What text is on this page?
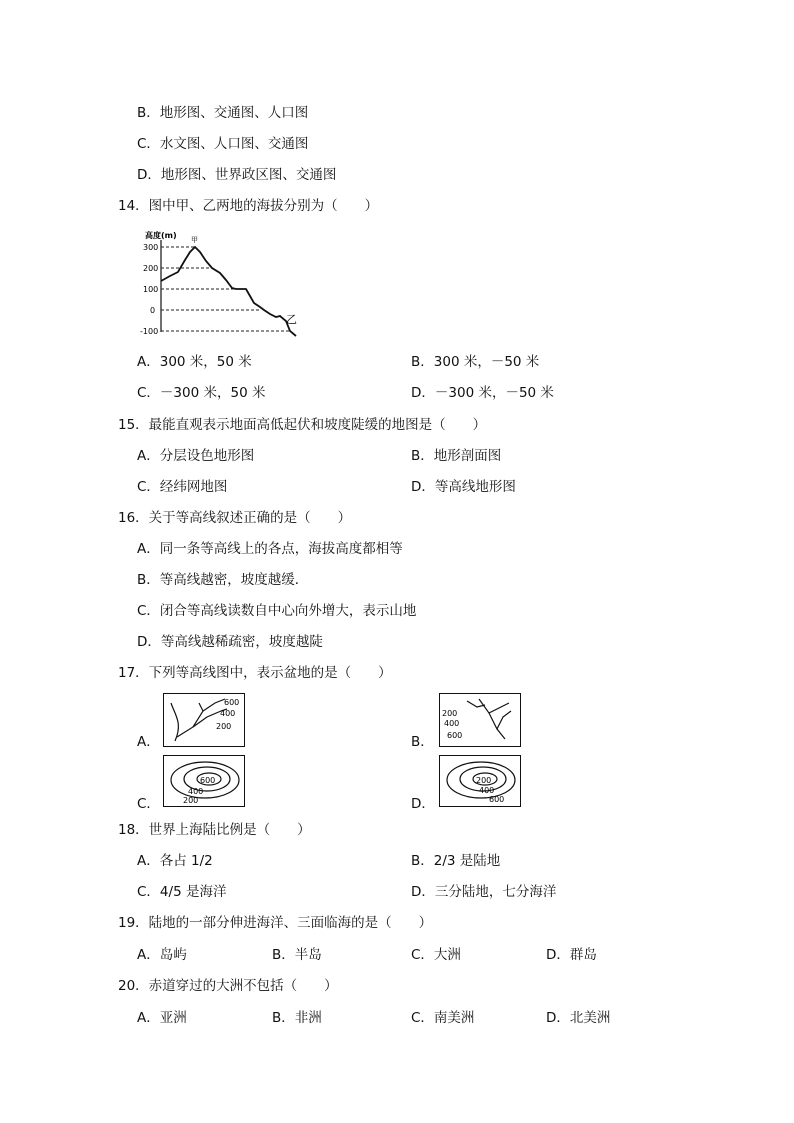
B．地形图、交通图、人口图
C．水文图、人口图、交通图
D．地形图、世界政区图、交通图
14．图中甲、乙两地的海拔分别为（　　）
高度(m) 甲
300
200
100
0
-100
乙
A．300 米，50 米	B．300 米，－50 米
C．－300 米，50 米	D．－300 米，－50 米
15．最能直观表示地面高低起伏和坡度陡缓的地图是（　　）
A．分层设色地形图	B．地形剖面图
C．经纬网地图	D．等高线地形图
16．关于等高线叙述正确的是（　　）
A．同一条等高线上的各点，海拔高度都相等
B．等高线越密，坡度越缓．
C．闭合等高线读数自中心向外增大，表示山地
D．等高线越稀疏密，坡度越陡
17．下列等高线图中，表示盆地的是（　　）
A．
600
400
200
B．
200
400
600
C．
600
400
200	D．
200
400
600
18．世界上海陆比例是（　　）
A．各占 1/2	B．2/3 是陆地
C．4/5 是海洋	D．三分陆地，七分海洋
19．陆地的一部分伸进海洋、三面临海的是（　　）
A．岛屿	B．半岛	C．大洲	D．群岛
20．赤道穿过的大洲不包括（　　）
A．亚洲	B．非洲	C．南美洲	D．北美洲
